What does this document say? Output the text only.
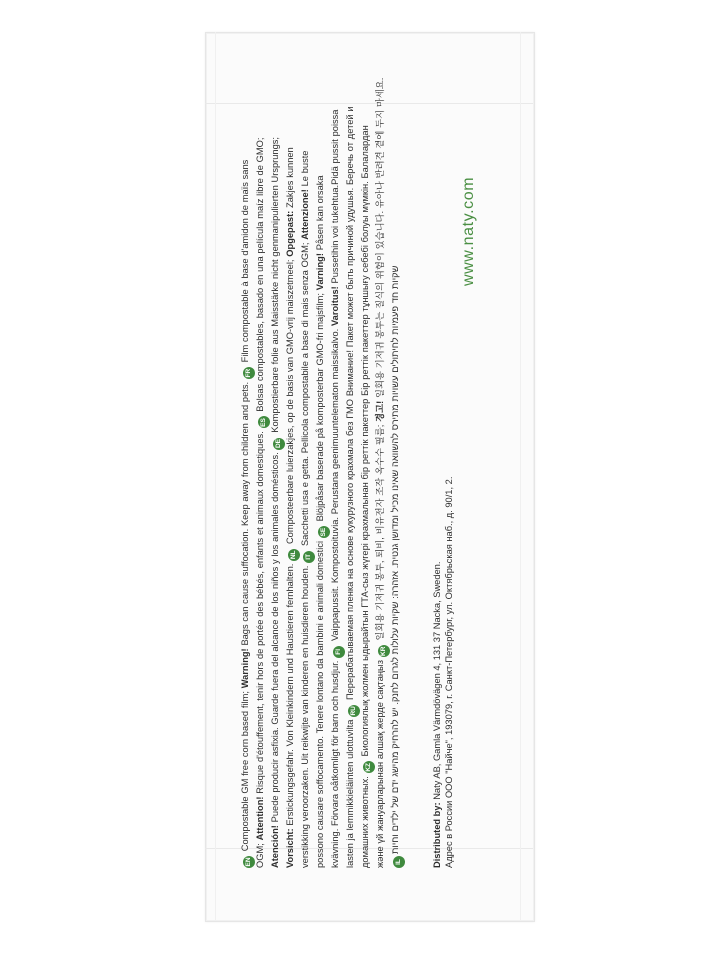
EN Compostable GM free corn based film; Warning! Bags can cause suffocation. Keep away from children and pets. FR Film compostable à base d'amidon de maïs sans
OGM; Attention! Risque d'étouffement, tenir hors de portée des bébés, enfants et animaux domestiques. ES Bolsas compostables, basado en una película maíz libre de GMO;
Atención! Puede producir asfixia. Guarde fuera del alcance de los niños y los animales domésticos. DE Kompostierbare folie aus Maisstärke nicht genmanipulierten Ursprungs;
Vorsicht: Erstickungsgefahr. Von Kleinkindern und Haustieren fernhalten. NL Composteerbare luierzakjes, op de basis van GMO-vrij maiszetmeel; Opgepast: Zakjes kunnen
verstikking veroorzaken. Uit reikwijte van kinderen en huisdieren houden. IT Sacchetti usa e getta. Pellicola compostabile a base di mais senza OGM; Attenzione! Le buste
possono causare soffocamento. Tenere lontano da bambini e animali domestici SE Blöjpåsar baserade på komposterbar GMO-fri majsfilm; Varning! Påsen kan orsaka
kvävning. Förvara oåtkomligt för barn och husdjur. FI Vaippapussit. Kompostoituvia. Perustana geenimuuntelematon maissikalvo. Varoitus! Pussetihin voi tukehtua.Pidä pussit poissa
lasten ja lemmikkieläinten ulottuvilta RU Перерабатываемая пленка на основе кукурузного крахмала без ГМО Внимание! Пакет может быть причиной удушья. Беречь от детей и
домашних животных. KZ Биологиялық жолмен ыдырайтын ГТА-сыз жүгері крахмалынан бір реттік пакеттер Бір реттік пакеттер тұншығу себебі болуы мүмкін. Балалардан
және үй жануарларынан алшақ жерде сақтаңыз KR 일회용 기저귀 봉투, 퇴비, 비유전자 조작 옥수수 필름; 경고! 일회용 기저귀 봉투는 질식의 위험이 있습니다. 유아나 반려견 곁에 두지 마세요.
שקיות חד פעמיות לחיתולים עשויות מתירס להשוואה שאינו מכיל ומדושן גנטית. אזהרה: שקיות עלולות לגרום לחנק. יש להרחיק מהישג ידם של ילדים וחיותIL	Distributed by: Naty AB, Gamla Värmdövägen 4, 131 37 Nacka, Sweden. Адрес в России ООО "Найче", 193079, г. Санкт-Петербург, ул. Октябрьская наб., д. 90/1, 2.
www.naty.com
